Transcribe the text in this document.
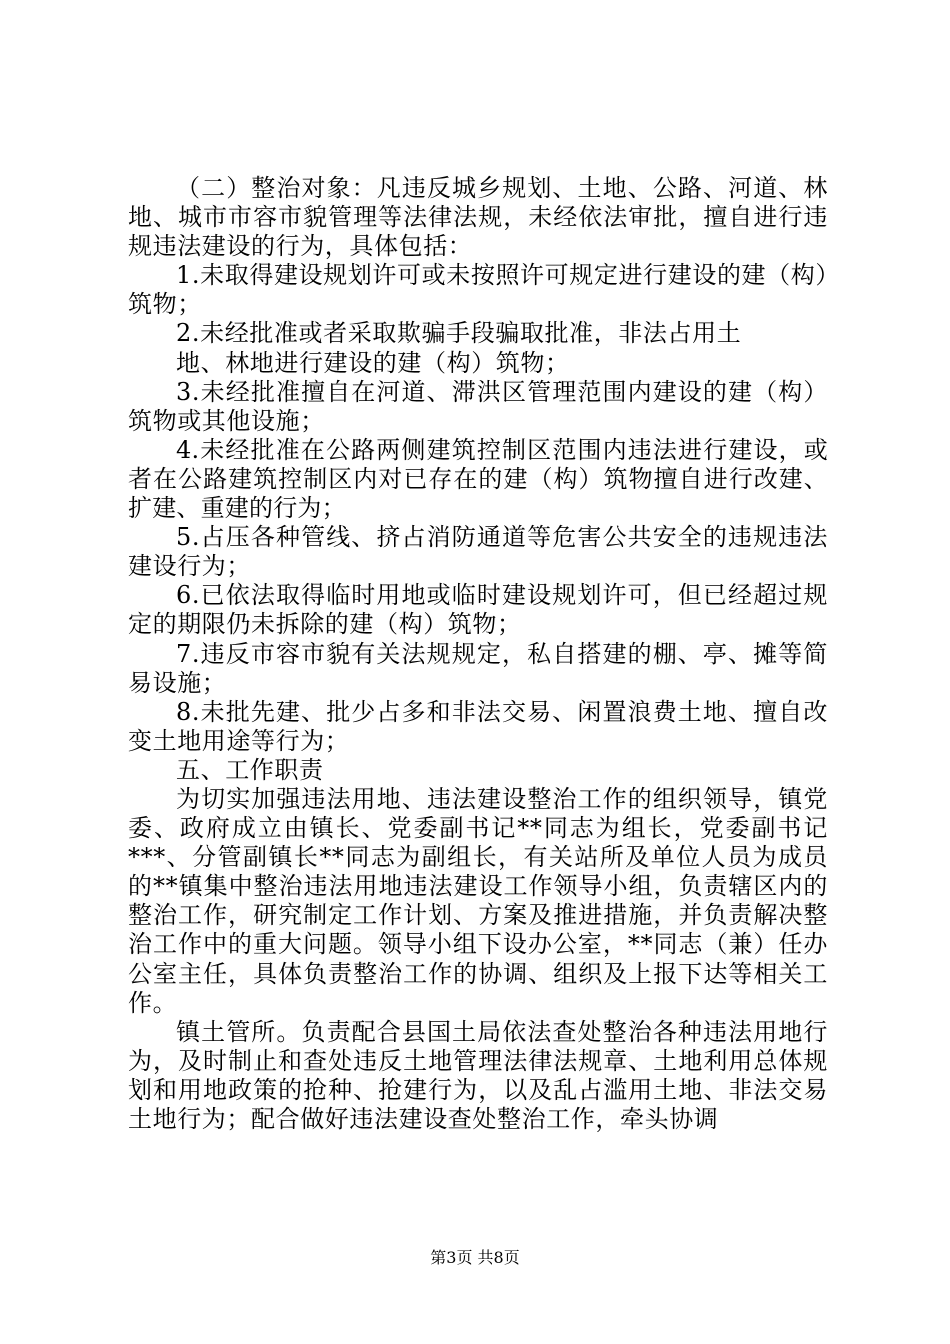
（二）整治对象：凡违反城乡规划、土地、公路、河道、林地、城市市容市貌管理等法律法规，未经依法审批，擅自进行违规违法建设的行为，具体包括：

1.未取得建设规划许可或未按照许可规定进行建设的建（构）筑物；

2.未经批准或者采取欺骗手段骗取批准，非法占用土

地、林地进行建设的建（构）筑物；

3.未经批准擅自在河道、滞洪区管理范围内建设的建（构）筑物或其他设施；

4.未经批准在公路两侧建筑控制区范围内违法进行建设，或者在公路建筑控制区内对已存在的建（构）筑物擅自进行改建、扩建、重建的行为；

5.占压各种管线、挤占消防通道等危害公共安全的违规违法建设行为；

6.已依法取得临时用地或临时建设规划许可，但已经超过规定的期限仍未拆除的建（构）筑物；

7.违反市容市貌有关法规规定，私自搭建的棚、亭、摊等简易设施；

8.未批先建、批少占多和非法交易、闲置浪费土地、擅自改变土地用途等行为；

五、工作职责

为切实加强违法用地、违法建设整治工作的组织领导，镇党委、政府成立由镇长、党委副书记**同志为组长，党委副书记***、分管副镇长**同志为副组长，有关站所及单位人员为成员的**镇集中整治违法用地违法建设工作领导小组，负责辖区内的整治工作，研究制定工作计划、方案及推进措施，并负责解决整治工作中的重大问题。领导小组下设办公室，**同志（兼）任办公室主任，具体负责整治工作的协调、组织及上报下达等相关工作。

镇土管所。负责配合县国土局依法查处整治各种违法用地行为，及时制止和查处违反土地管理法律法规章、土地利用总体规划和用地政策的抢种、抢建行为，以及乱占滥用土地、非法交易土地行为；配合做好违法建设查处整治工作，牵头协调

第3页 共8页
